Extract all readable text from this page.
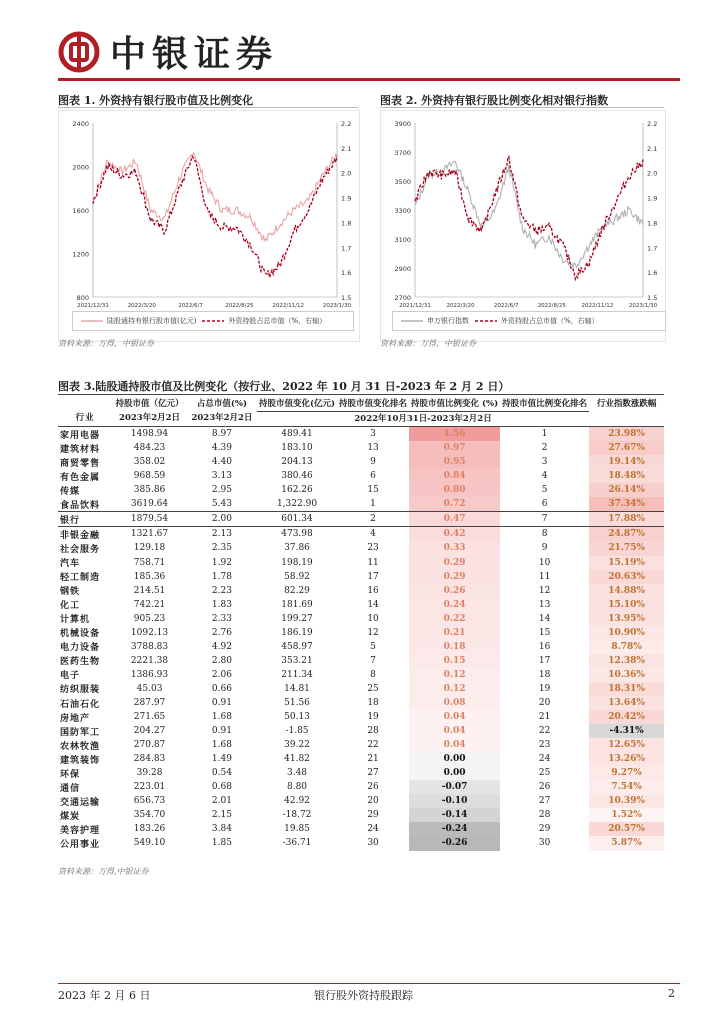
中银证券
图表 1. 外资持有银行股市值及比例变化
2400
2000
1600
1200
800
2.2
2.1
2.0
1.9
1.8
1.7
1.6
1.5
2021/12/31	2022/3/20	2022/6/7	2022/8/25	2022/11/12	2023/1/30
陆股通持有银行股市值(亿元)	外资持股占总市值（%，右轴）
资料来源：万得，中银证券
图表 2. 外资持有银行股比例变化相对银行指数
3900
3700
3500
3300
3100
2900
2700
2.2
2.1
2.0
1.9
1.8
1.7
1.6
1.5
2021/12/31	2022/3/20	2022/6/7	2022/8/25	2022/11/12	2023/1/30
申万银行指数	外资持股占总市值（%，右轴）
资料来源：万得，中银证券
图表 3.陆股通持股市值及比例变化（按行业、2022 年 10 月 31 日-2023 年 2 月 2 日）
	持股市值（亿元）	占总市值(%)	持股市值变化(亿元)	持股市值变化排名	持股市值比例变化 (%)	持股市值比例变化排名	行业指数涨跌幅
行业	2023年2月2日	2023年2月2日	2022年10月31日-2023年2月2日				
家用电器	1498.94	8.97	489.41	3	1.56	1	23.98%
建筑材料	484.23	4.39	183.10	13	0.97	2	27.67%
商贸零售	358.02	4.40	204.13	9	0.95	3	19.14%
有色金属	968.59	3.13	380.46	6	0.84	4	18.48%
传媒	385.86	2.95	162.26	15	0.80	5	26.14%
食品饮料	3619.64	5.43	1,322.90	1	0.72	6	37.34%
银行	1879.54	2.00	601.34	2	0.47	7	17.88%
非银金融	1321.67	2.13	473.98	4	0.42	8	24.87%
社会服务	129.18	2.35	37.86	23	0.33	9	21.75%
汽车	758.71	1.92	198.19	11	0.29	10	15.19%
轻工制造	185.36	1.78	58.92	17	0.29	11	20.63%
钢铁	214.51	2.23	82.29	16	0.26	12	14.88%
化工	742.21	1.83	181.69	14	0.24	13	15.10%
计算机	905.23	2.33	199.27	10	0.22	14	13.95%
机械设备	1092.13	2.76	186.19	12	0.21	15	10.90%
电力设备	3788.83	4.92	458.97	5	0.18	16	8.78%
医药生物	2221.38	2.80	353.21	7	0.15	17	12.38%
电子	1386.93	2.06	211.34	8	0.12	18	10.36%
纺织服装	45.03	0.66	14.81	25	0.12	19	18.31%
石油石化	287.97	0.91	51.56	18	0.08	20	13.64%
房地产	271.65	1.68	50.13	19	0.04	21	20.42%
国防军工	204.27	0.91	-1.85	28	0.04	22	-4.31%
农林牧渔	270.87	1.68	39.22	22	0.04	23	12.65%
建筑装饰	284.83	1.49	41.82	21	0.00	24	13.26%
环保	39.28	0.54	3.48	27	0.00	25	9.27%
通信	223.01	0.68	8.80	26	-0.07	26	7.54%
交通运输	656.73	2.01	42.92	20	-0.10	27	10.39%
煤炭	354.70	2.15	-18.72	29	-0.14	28	1.52%
美容护理	183.26	3.84	19.85	24	-0.24	29	20.57%
公用事业	549.10	1.85	-36.71	30	-0.26	30	5.87%
资料来源：万得,中银证券
2023 年 2 月 6 日	银行股外资持股跟踪	2
